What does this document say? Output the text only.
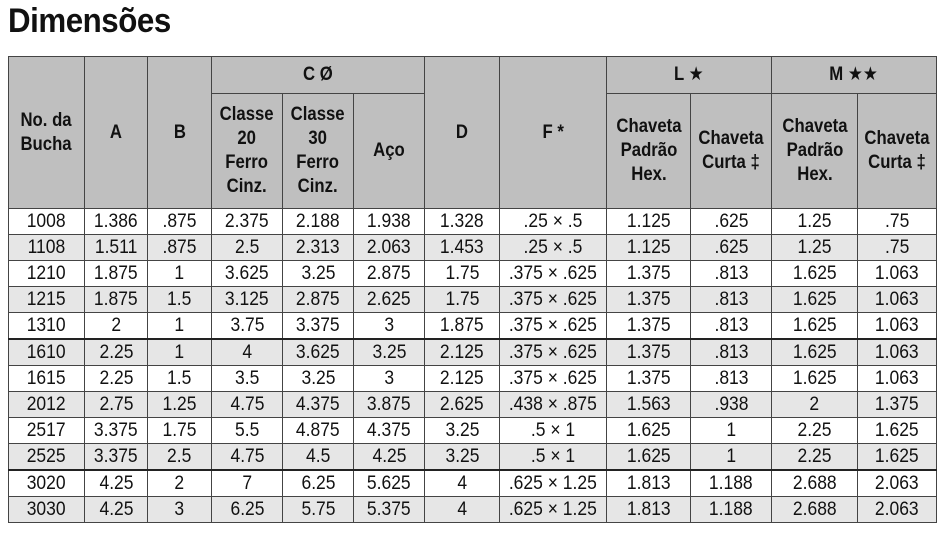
Dimensões
No. da
Bucha	A	B	C Ø			D	F *	L ★		M ★★	
			Classe
20
Ferro
Cinz.	Classe
30
Ferro
Cinz.	Aço			Chaveta
Padrão
Hex.	Chaveta
Curta ‡	Chaveta
Padrão
Hex.	Chaveta
Curta ‡
1008	1.386	.875	2.375	2.188	1.938	1.328	.25 × .5	1.125	.625	1.25	.75
1108	1.511	.875	2.5	2.313	2.063	1.453	.25 × .5	1.125	.625	1.25	.75
1210	1.875	1	3.625	3.25	2.875	1.75	.375 × .625	1.375	.813	1.625	1.063
1215	1.875	1.5	3.125	2.875	2.625	1.75	.375 × .625	1.375	.813	1.625	1.063
1310	2	1	3.75	3.375	3	1.875	.375 × .625	1.375	.813	1.625	1.063
1610	2.25	1	4	3.625	3.25	2.125	.375 × .625	1.375	.813	1.625	1.063
1615	2.25	1.5	3.5	3.25	3	2.125	.375 × .625	1.375	.813	1.625	1.063
2012	2.75	1.25	4.75	4.375	3.875	2.625	.438 × .875	1.563	.938	2	1.375
2517	3.375	1.75	5.5	4.875	4.375	3.25	.5 × 1	1.625	1	2.25	1.625
2525	3.375	2.5	4.75	4.5	4.25	3.25	.5 × 1	1.625	1	2.25	1.625
3020	4.25	2	7	6.25	5.625	4	.625 × 1.25	1.813	1.188	2.688	2.063
3030	4.25	3	6.25	5.75	5.375	4	.625 × 1.25	1.813	1.188	2.688	2.063
